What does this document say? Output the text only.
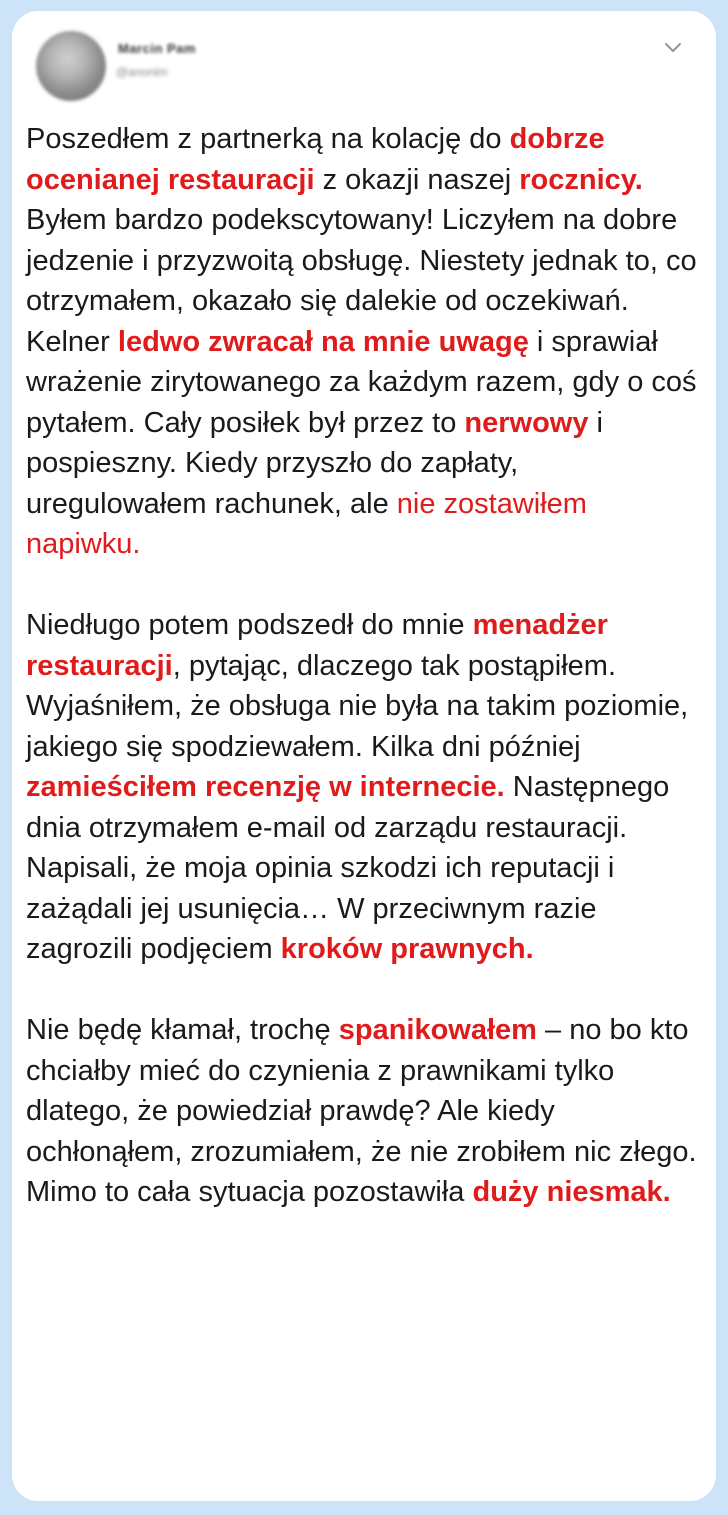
Marcin Pam
@anonim

Poszedłem z partnerką na kolację do dobrze ocenianej restauracji z okazji naszej rocznicy. Byłem bardzo podekscytowany! Liczyłem na dobre jedzenie i przyzwoitą obsługę. Niestety jednak to, co otrzymałem, okazało się dalekie od oczekiwań. Kelner ledwo zwracał na mnie uwagę i sprawiał wrażenie zirytowanego za każdym razem, gdy o coś pytałem. Cały posiłek był przez to nerwowy i pospieszny. Kiedy przyszło do zapłaty, uregulowałem rachunek, ale nie zostawiłem napiwku.

Niedługo potem podszedł do mnie menadżer restauracji, pytając, dlaczego tak postąpiłem. Wyjaśniłem, że obsługa nie była na takim poziomie, jakiego się spodziewałem. Kilka dni później zamieściłem recenzję w internecie. Następnego dnia otrzymałem e-mail od zarządu restauracji. Napisali, że moja opinia szkodzi ich reputacji i zażądali jej usunięcia… W przeciwnym razie zagrozili podjęciem kroków prawnych.

Nie będę kłamał, trochę spanikowałem – no bo kto chciałby mieć do czynienia z prawnikami tylko dlatego, że powiedział prawdę? Ale kiedy ochłonąłem, zrozumiałem, że nie zrobiłem nic złego. Mimo to cała sytuacja pozostawiła duży niesmak.
